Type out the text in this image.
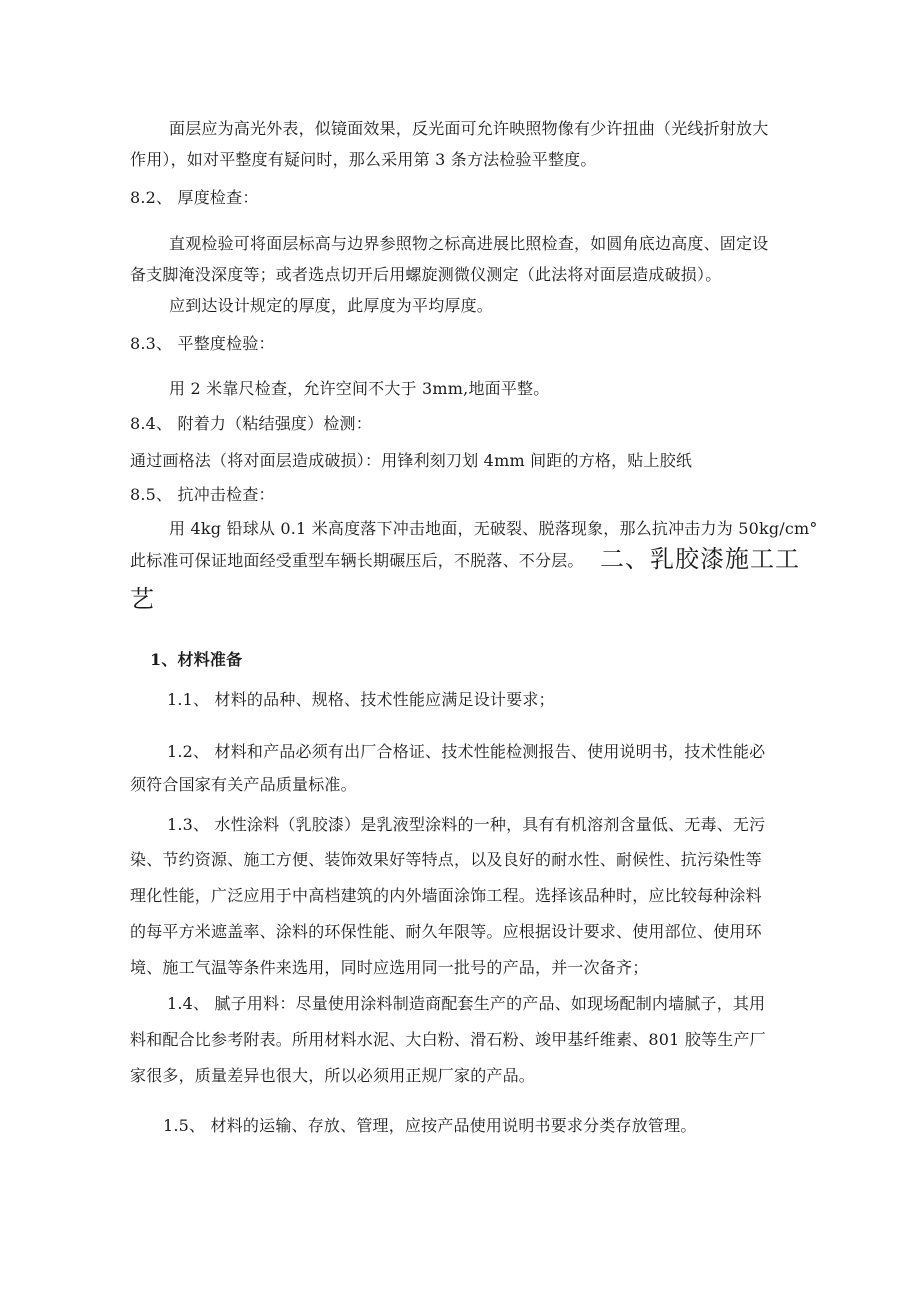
面层应为高光外表，似镜面效果，反光面可允许映照物像有少许扭曲（光线折射放大
作用），如对平整度有疑问时，那么采用第 3 条方法检验平整度。
8.2、 厚度检查：
直观检验可将面层标高与边界参照物之标高进展比照检查，如圆角底边高度、固定设
备支脚淹没深度等；或者选点切开后用螺旋测微仪测定（此法将对面层造成破损）。
应到达设计规定的厚度，此厚度为平均厚度。
8.3、 平整度检验：
用 2 米靠尺检查，允许空间不大于 3mm,地面平整。
8.4、 附着力（粘结强度）检测：
通过画格法（将对面层造成破损）：用锋利刻刀划 4mm 间距的方格，贴上胶纸
8.5、 抗冲击检查：
用 4kg 铅球从 0.1 米高度落下冲击地面，无破裂、脱落现象，那么抗冲击力为 50kg∕cm°
此标准可保证地面经受重型车辆长期碾压后，不脱落、不分层。 二、乳胶漆施工工
艺
1、材料准备
1.1、 材料的品种、规格、技术性能应满足设计要求；
1.2、 材料和产品必须有出厂合格证、技术性能检测报告、使用说明书，技术性能必
须符合国家有关产品质量标准。
1.3、 水性涂料（乳胶漆）是乳液型涂料的一种，具有有机溶剂含量低、无毒、无污
染、节约资源、施工方便、装饰效果好等特点，以及良好的耐水性、耐候性、抗污染性等
理化性能，广泛应用于中高档建筑的内外墙面涂饰工程。选择该品种时，应比较每种涂料
的每平方米遮盖率、涂料的环保性能、耐久年限等。应根据设计要求、使用部位、使用环
境、施工气温等条件来选用，同时应选用同一批号的产品，并一次备齐；
1.4、 腻子用料：尽量使用涂料制造商配套生产的产品、如现场配制内墙腻子，其用
料和配合比参考附表。所用材料水泥、大白粉、滑石粉、竣甲基纤维素、801 胶等生产厂
家很多，质量差异也很大，所以必须用正规厂家的产品。
1.5、 材料的运输、存放、管理，应按产品使用说明书要求分类存放管理。
